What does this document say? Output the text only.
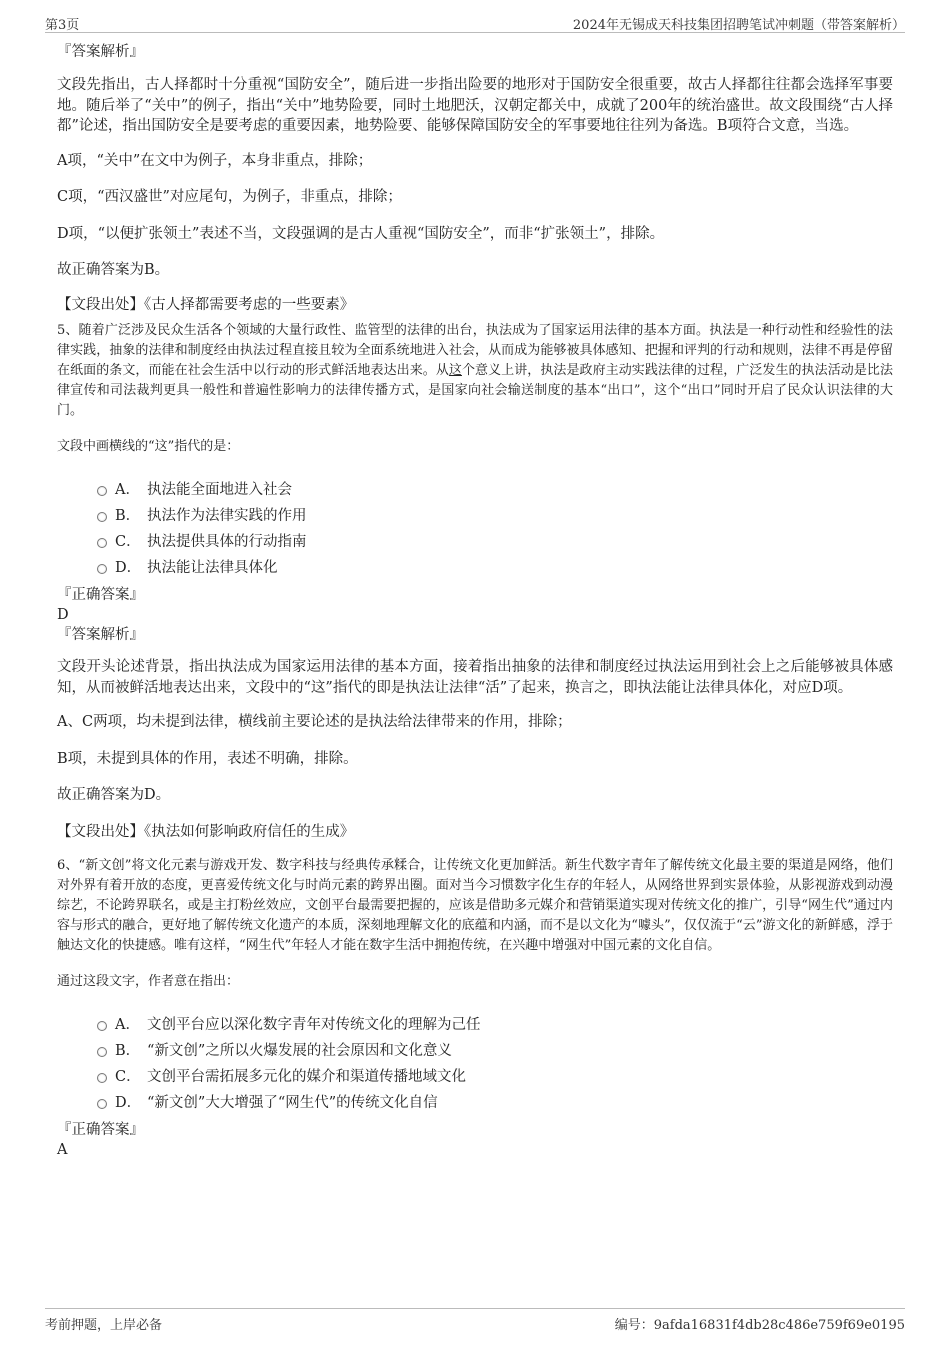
第3页	2024年无锡成天科技集团招聘笔试冲刺题（带答案解析）

『答案解析』

文段先指出，古人择都时十分重视“国防安全”，随后进一步指出险要的地形对于国防安全很重要，故古人择都往往都会选择军事要地。随后举了“关中”的例子，指出“关中”地势险要，同时土地肥沃，汉朝定都关中，成就了200年的统治盛世。故文段围绕“古人择都”论述，指出国防安全是要考虑的重要因素，地势险要、能够保障国防安全的军事要地往往列为备选。B项符合文意，当选。

A项，“关中”在文中为例子，本身非重点，排除；

C项，“西汉盛世”对应尾句，为例子，非重点，排除；

D项，“以便扩张领土”表述不当，文段强调的是古人重视“国防安全”，而非“扩张领土”，排除。

故正确答案为B。

【文段出处】《古人择都需要考虑的一些要素》

5、随着广泛涉及民众生活各个领域的大量行政性、监管型的法律的出台，执法成为了国家运用法律的基本方面。执法是一种行动性和经验性的法律实践，抽象的法律和制度经由执法过程直接且较为全面系统地进入社会，从而成为能够被具体感知、把握和评判的行动和规则，法律不再是停留在纸面的条文，而能在社会生活中以行动的形式鲜活地表达出来。从这个意义上讲，执法是政府主动实践法律的过程，广泛发生的执法活动是比法律宣传和司法裁判更具一般性和普遍性影响力的法律传播方式，是国家向社会输送制度的基本“出口”，这个“出口”同时开启了民众认识法律的大门。

文段中画横线的“这”指代的是：

A． 执法能全面地进入社会
B． 执法作为法律实践的作用
C． 执法提供具体的行动指南
D． 执法能让法律具体化

『正确答案』

D

『答案解析』

文段开头论述背景，指出执法成为国家运用法律的基本方面，接着指出抽象的法律和制度经过执法运用到社会上之后能够被具体感知，从而被鲜活地表达出来，文段中的“这”指代的即是执法让法律“活”了起来，换言之，即执法能让法律具体化，对应D项。

A、C两项，均未提到法律，横线前主要论述的是执法给法律带来的作用，排除；

B项，未提到具体的作用，表述不明确，排除。

故正确答案为D。

【文段出处】《执法如何影响政府信任的生成》

6、“新文创”将文化元素与游戏开发、数字科技与经典传承糅合，让传统文化更加鲜活。新生代数字青年了解传统文化最主要的渠道是网络，他们对外界有着开放的态度，更喜爱传统文化与时尚元素的跨界出圈。面对当今习惯数字化生存的年轻人，从网络世界到实景体验，从影视游戏到动漫综艺，不论跨界联名，或是主打粉丝效应，文创平台最需要把握的，应该是借助多元媒介和营销渠道实现对传统文化的推广，引导“网生代”通过内容与形式的融合，更好地了解传统文化遗产的本质，深刻地理解文化的底蕴和内涵，而不是以文化为“噱头”，仅仅流于“云”游文化的新鲜感，浮于触达文化的快捷感。唯有这样，“网生代”年轻人才能在数字生活中拥抱传统，在兴趣中增强对中国元素的文化自信。

通过这段文字，作者意在指出：

A． 文创平台应以深化数字青年对传统文化的理解为己任
B． “新文创”之所以火爆发展的社会原因和文化意义
C． 文创平台需拓展多元化的媒介和渠道传播地域文化
D． “新文创”大大增强了“网生代”的传统文化自信

『正确答案』

A

考前押题，上岸必备	编号：9afda16831f4db28c486e759f69e0195
